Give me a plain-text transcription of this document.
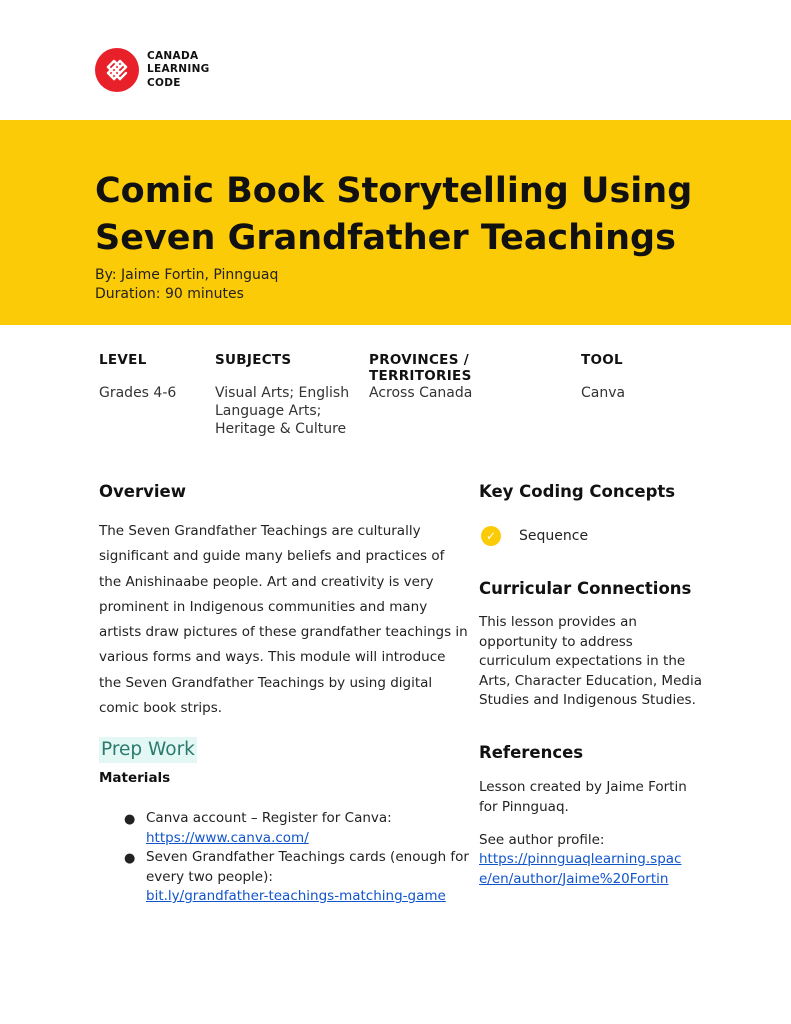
CANADA
LEARNING
CODE
Comic Book Storytelling Using Seven Grandfather Teachings
By: Jaime Fortin, Pinnguaq
Duration: 90 minutes
LEVEL
Grades 4-6
SUBJECTS
Visual Arts; English Language Arts; Heritage & Culture
PROVINCES / TERRITORIES
Across Canada
TOOL
Canva
Overview

The Seven Grandfather Teachings are culturally significant and guide many beliefs and practices of the Anishinaabe people. Art and creativity is very prominent in Indigenous communities and many artists draw pictures of these grandfather teachings in various forms and ways. This module will introduce the Seven Grandfather Teachings by using digital comic book strips.

Prep Work
Materials
● Canva account – Register for Canva:
https://www.canva.com/
● Seven Grandfather Teachings cards (enough for every two people):
bit.ly/grandfather-teachings-matching-game
Key Coding Concepts
✓	Sequence
Curricular Connections

This lesson provides an opportunity to address curriculum expectations in the Arts, Character Education, Media Studies and Indigenous Studies.

References

Lesson created by Jaime Fortin for Pinnguaq.

See author profile:

https://pinnguaqlearning.space/en/author/Jaime%20Fortin
